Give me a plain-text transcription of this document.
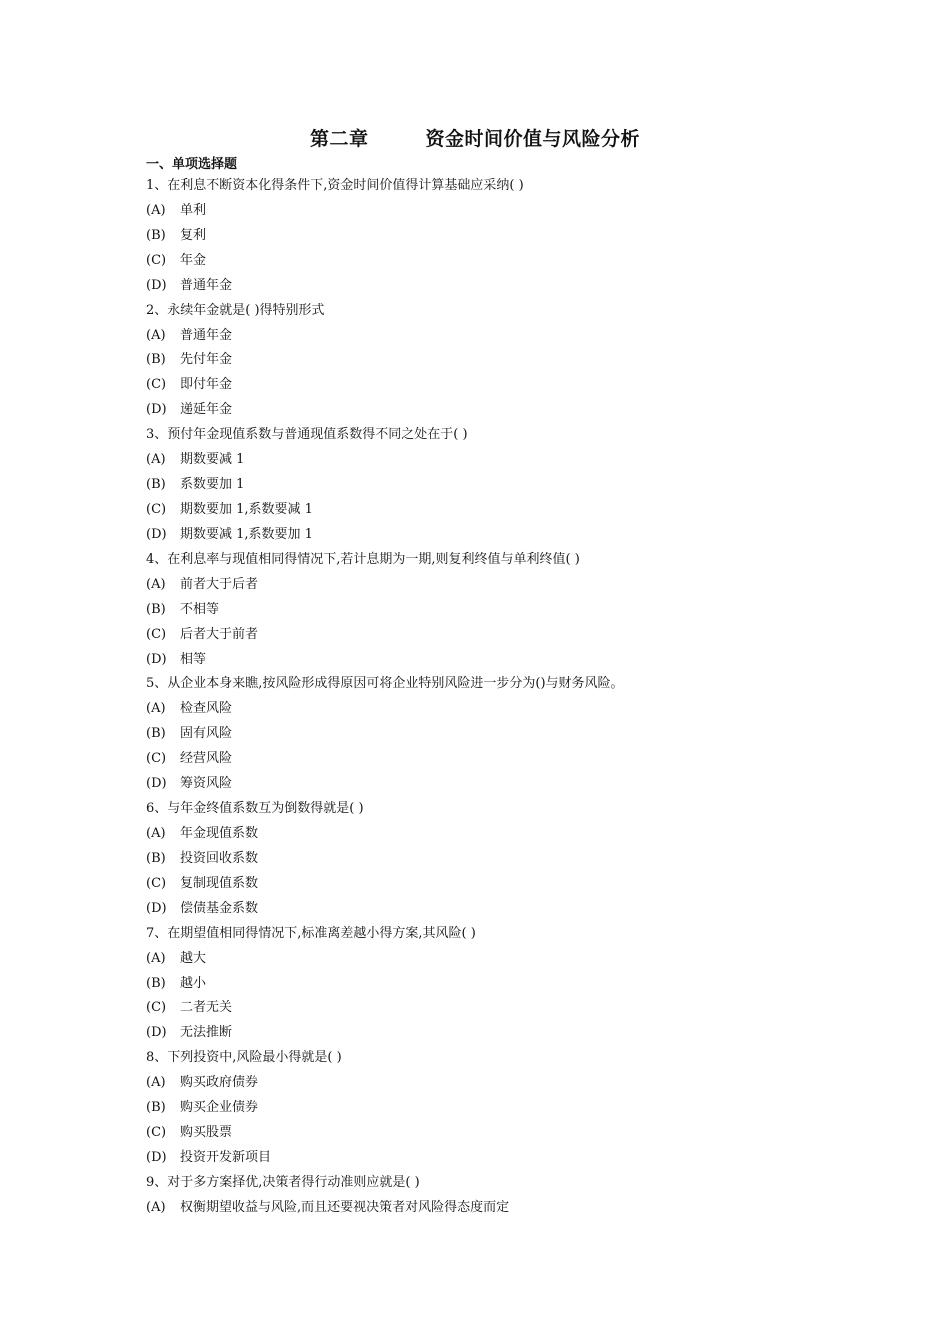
第二章        资金时间价值与风险分析
一、单项选择题
1、在利息不断资本化得条件下,资金时间价值得计算基础应采纳( )
(A) 单利
(B) 复利
(C) 年金
(D) 普通年金
2、永续年金就是( )得特别形式
(A) 普通年金
(B) 先付年金
(C) 即付年金
(D) 递延年金
3、预付年金现值系数与普通现值系数得不同之处在于( )
(A) 期数要减 1
(B) 系数要加 1
(C) 期数要加 1,系数要减 1
(D) 期数要减 1,系数要加 1
4、在利息率与现值相同得情况下,若计息期为一期,则复利终值与单利终值( )
(A) 前者大于后者
(B) 不相等
(C) 后者大于前者
(D) 相等
5、从企业本身来瞧,按风险形成得原因可将企业特别风险进一步分为()与财务风险。
(A) 检查风险
(B) 固有风险
(C) 经营风险
(D) 筹资风险
6、与年金终值系数互为倒数得就是( )
(A) 年金现值系数
(B) 投资回收系数
(C) 复制现值系数
(D) 偿债基金系数
7、在期望值相同得情况下,标准离差越小得方案,其风险( )
(A) 越大
(B) 越小
(C) 二者无关
(D) 无法推断
8、下列投资中,风险最小得就是( )
(A) 购买政府债券
(B) 购买企业债券
(C) 购买股票
(D) 投资开发新项目
9、对于多方案择优,决策者得行动准则应就是( )
(A) 权衡期望收益与风险,而且还要视决策者对风险得态度而定
